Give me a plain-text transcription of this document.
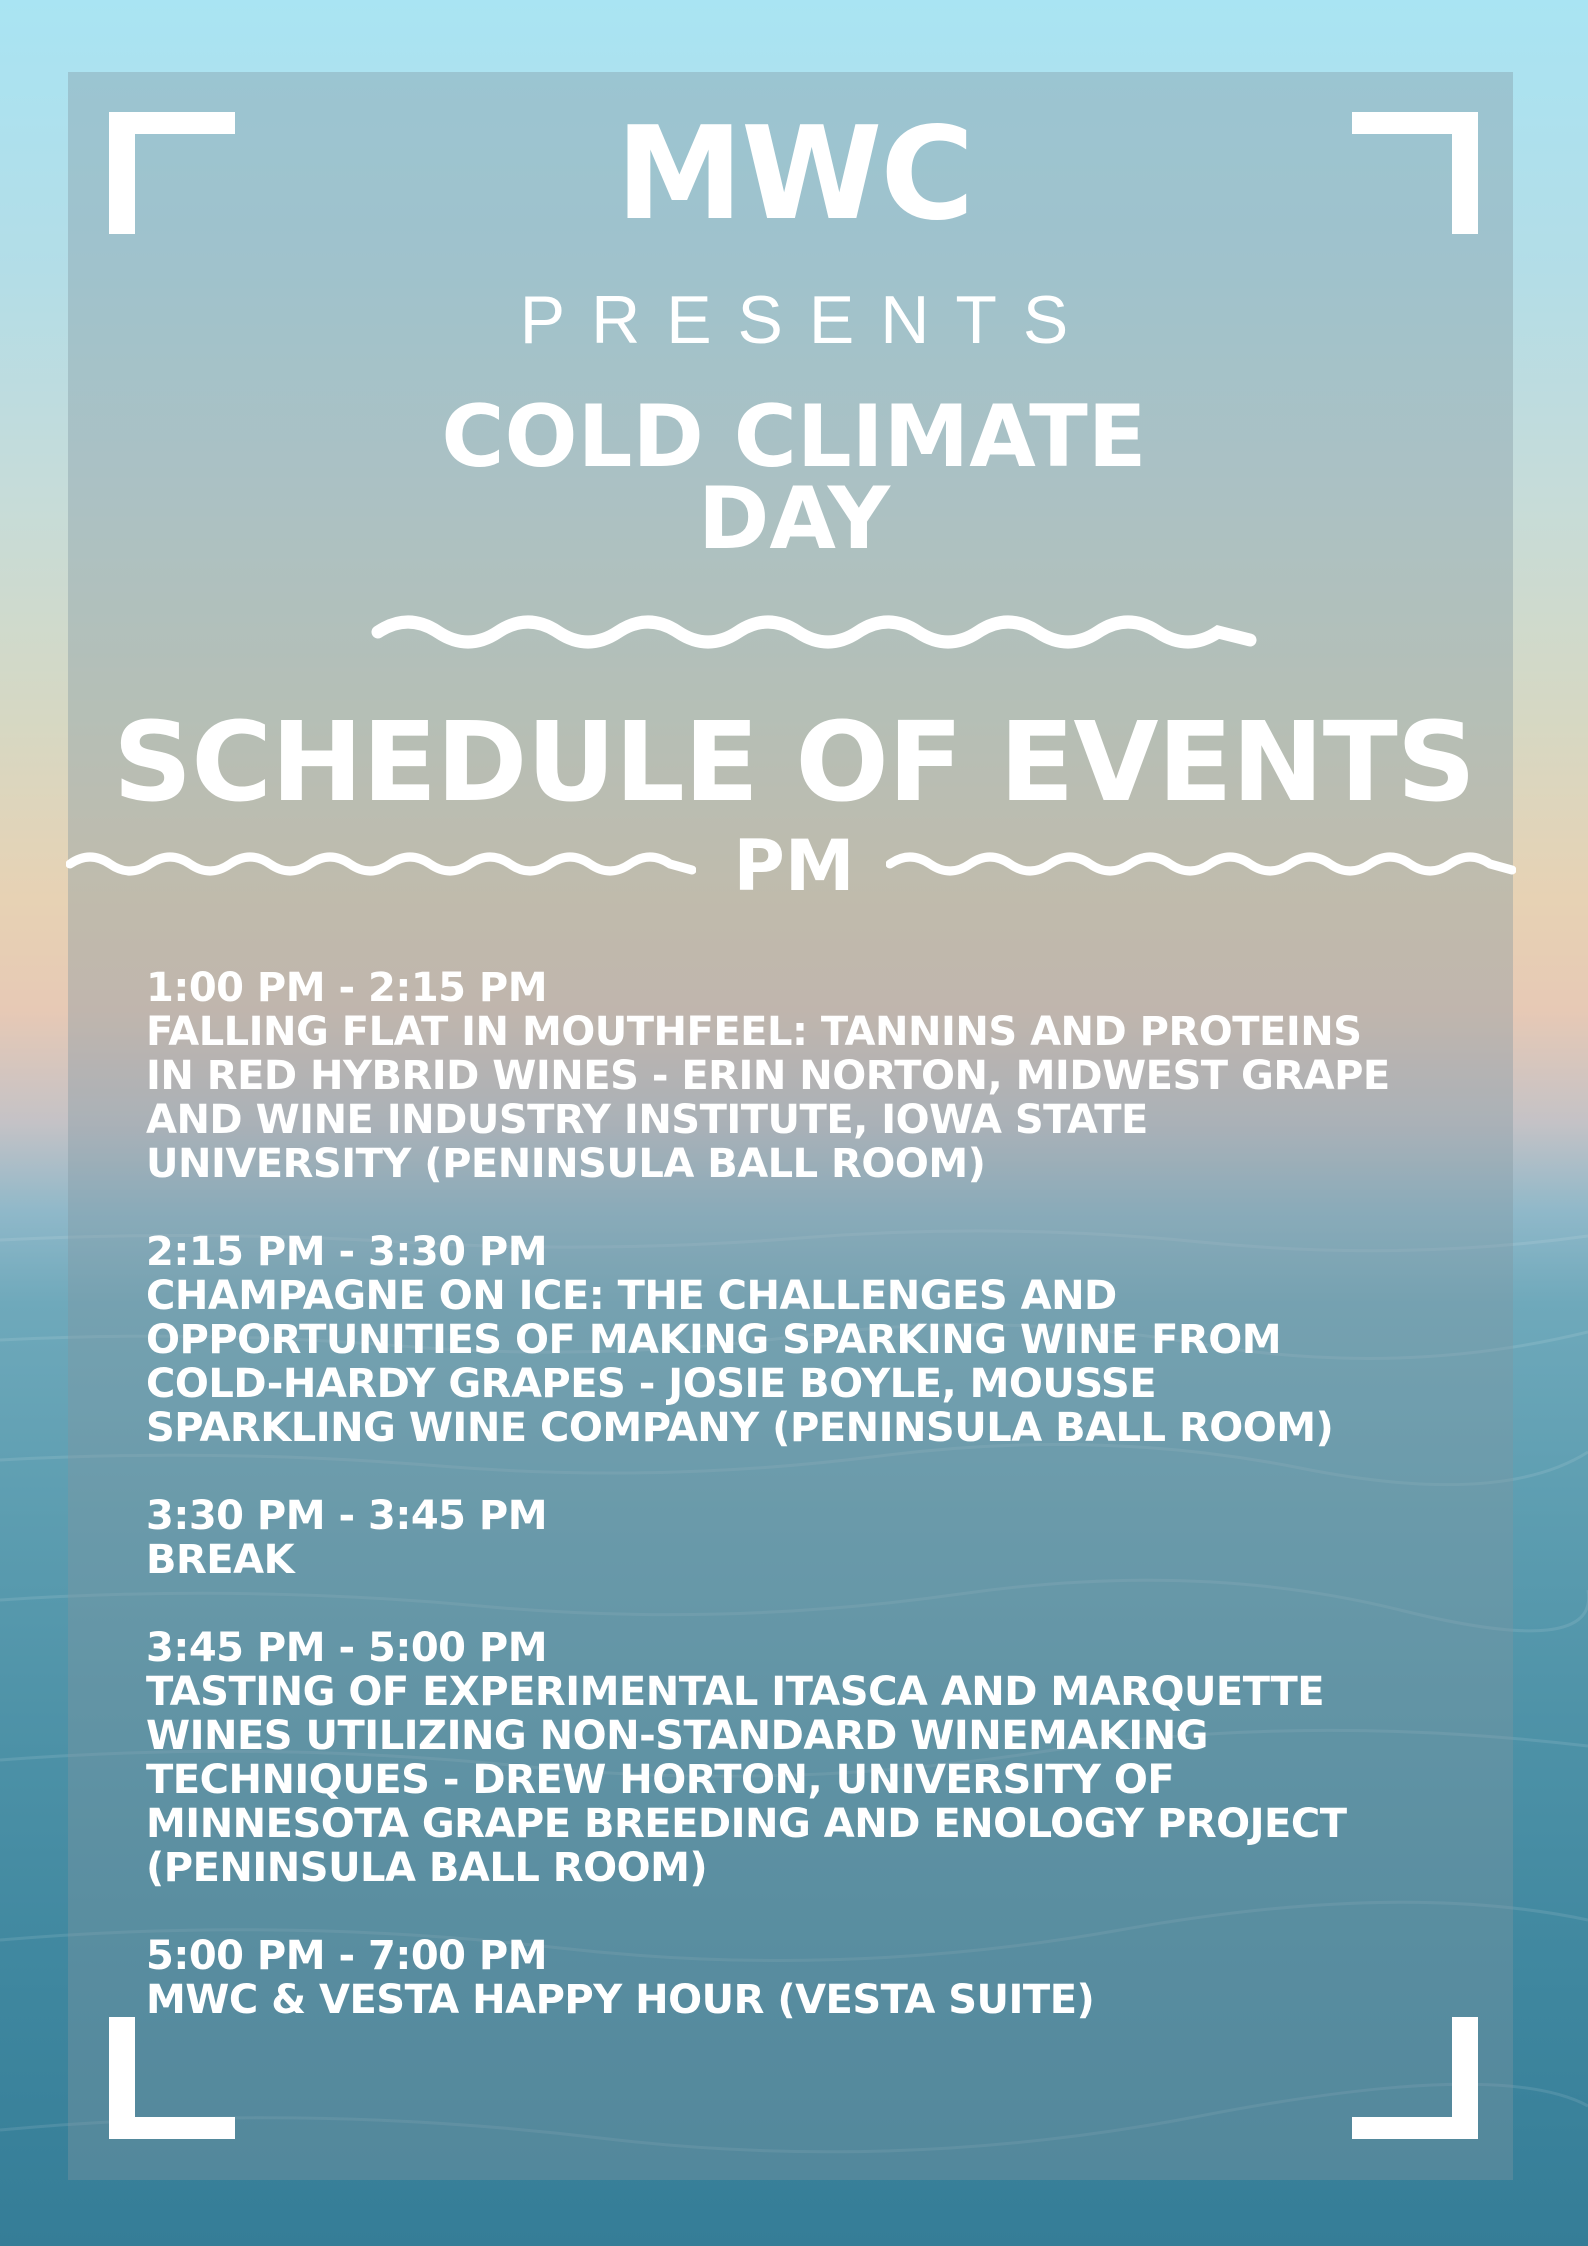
MWC
PRESENTS
COLD CLIMATE
DAY
SCHEDULE OF EVENTS
PM
1:00 PM - 2:15 PM
FALLING FLAT IN MOUTHFEEL: TANNINS AND PROTEINS
IN RED HYBRID WINES - ERIN NORTON, MIDWEST GRAPE
AND WINE INDUSTRY INSTITUTE, IOWA STATE
UNIVERSITY (PENINSULA BALL ROOM)
2:15 PM - 3:30 PM
CHAMPAGNE ON ICE: THE CHALLENGES AND
OPPORTUNITIES OF MAKING SPARKING WINE FROM
COLD-HARDY GRAPES - JOSIE BOYLE, MOUSSE
SPARKLING WINE COMPANY (PENINSULA BALL ROOM)
3:30 PM - 3:45 PM
BREAK
3:45 PM - 5:00 PM
TASTING OF EXPERIMENTAL ITASCA AND MARQUETTE
WINES UTILIZING NON-STANDARD WINEMAKING
TECHNIQUES - DREW HORTON, UNIVERSITY OF
MINNESOTA GRAPE BREEDING AND ENOLOGY PROJECT
(PENINSULA BALL ROOM)
5:00 PM - 7:00 PM
MWC & VESTA HAPPY HOUR (VESTA SUITE)
